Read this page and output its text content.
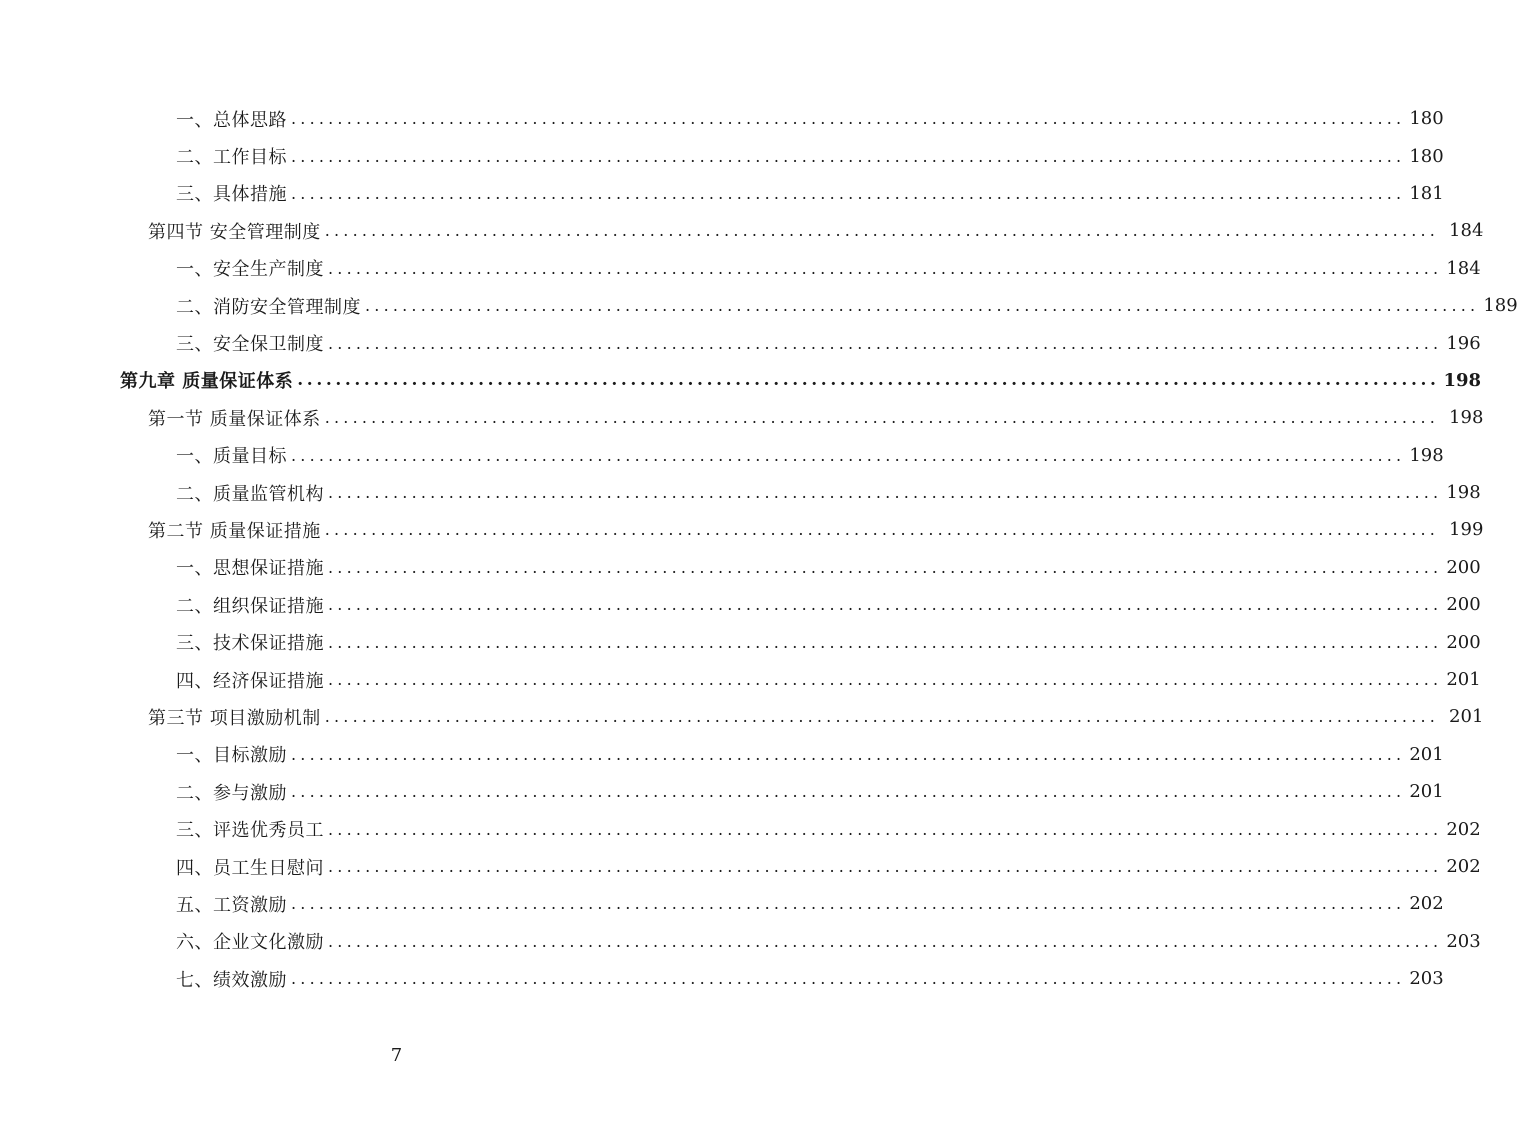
一、总体思路 ........................................................................................................................ 180
二、工作目标 ........................................................................................................................ 180
三、具体措施 ........................................................................................................................ 181
第四节 安全管理制度 ........................................................................................................................ 184
一、安全生产制度 ........................................................................................................................ 184
二、消防安全管理制度 ........................................................................................................................ 189
三、安全保卫制度 ........................................................................................................................ 196
第九章 质量保证体系 ........................................................................................................................ 198
第一节 质量保证体系 ........................................................................................................................ 198
一、质量目标 ........................................................................................................................ 198
二、质量监管机构 ........................................................................................................................ 198
第二节 质量保证措施 ........................................................................................................................ 199
一、思想保证措施 ........................................................................................................................ 200
二、组织保证措施 ........................................................................................................................ 200
三、技术保证措施 ........................................................................................................................ 200
四、经济保证措施 ........................................................................................................................ 201
第三节 项目激励机制 ........................................................................................................................ 201
一、目标激励 ........................................................................................................................ 201
二、参与激励 ........................................................................................................................ 201
三、评选优秀员工 ........................................................................................................................ 202
四、员工生日慰问 ........................................................................................................................ 202
五、工资激励 ........................................................................................................................ 202
六、企业文化激励 ........................................................................................................................ 203
七、绩效激励 ........................................................................................................................ 203
7
